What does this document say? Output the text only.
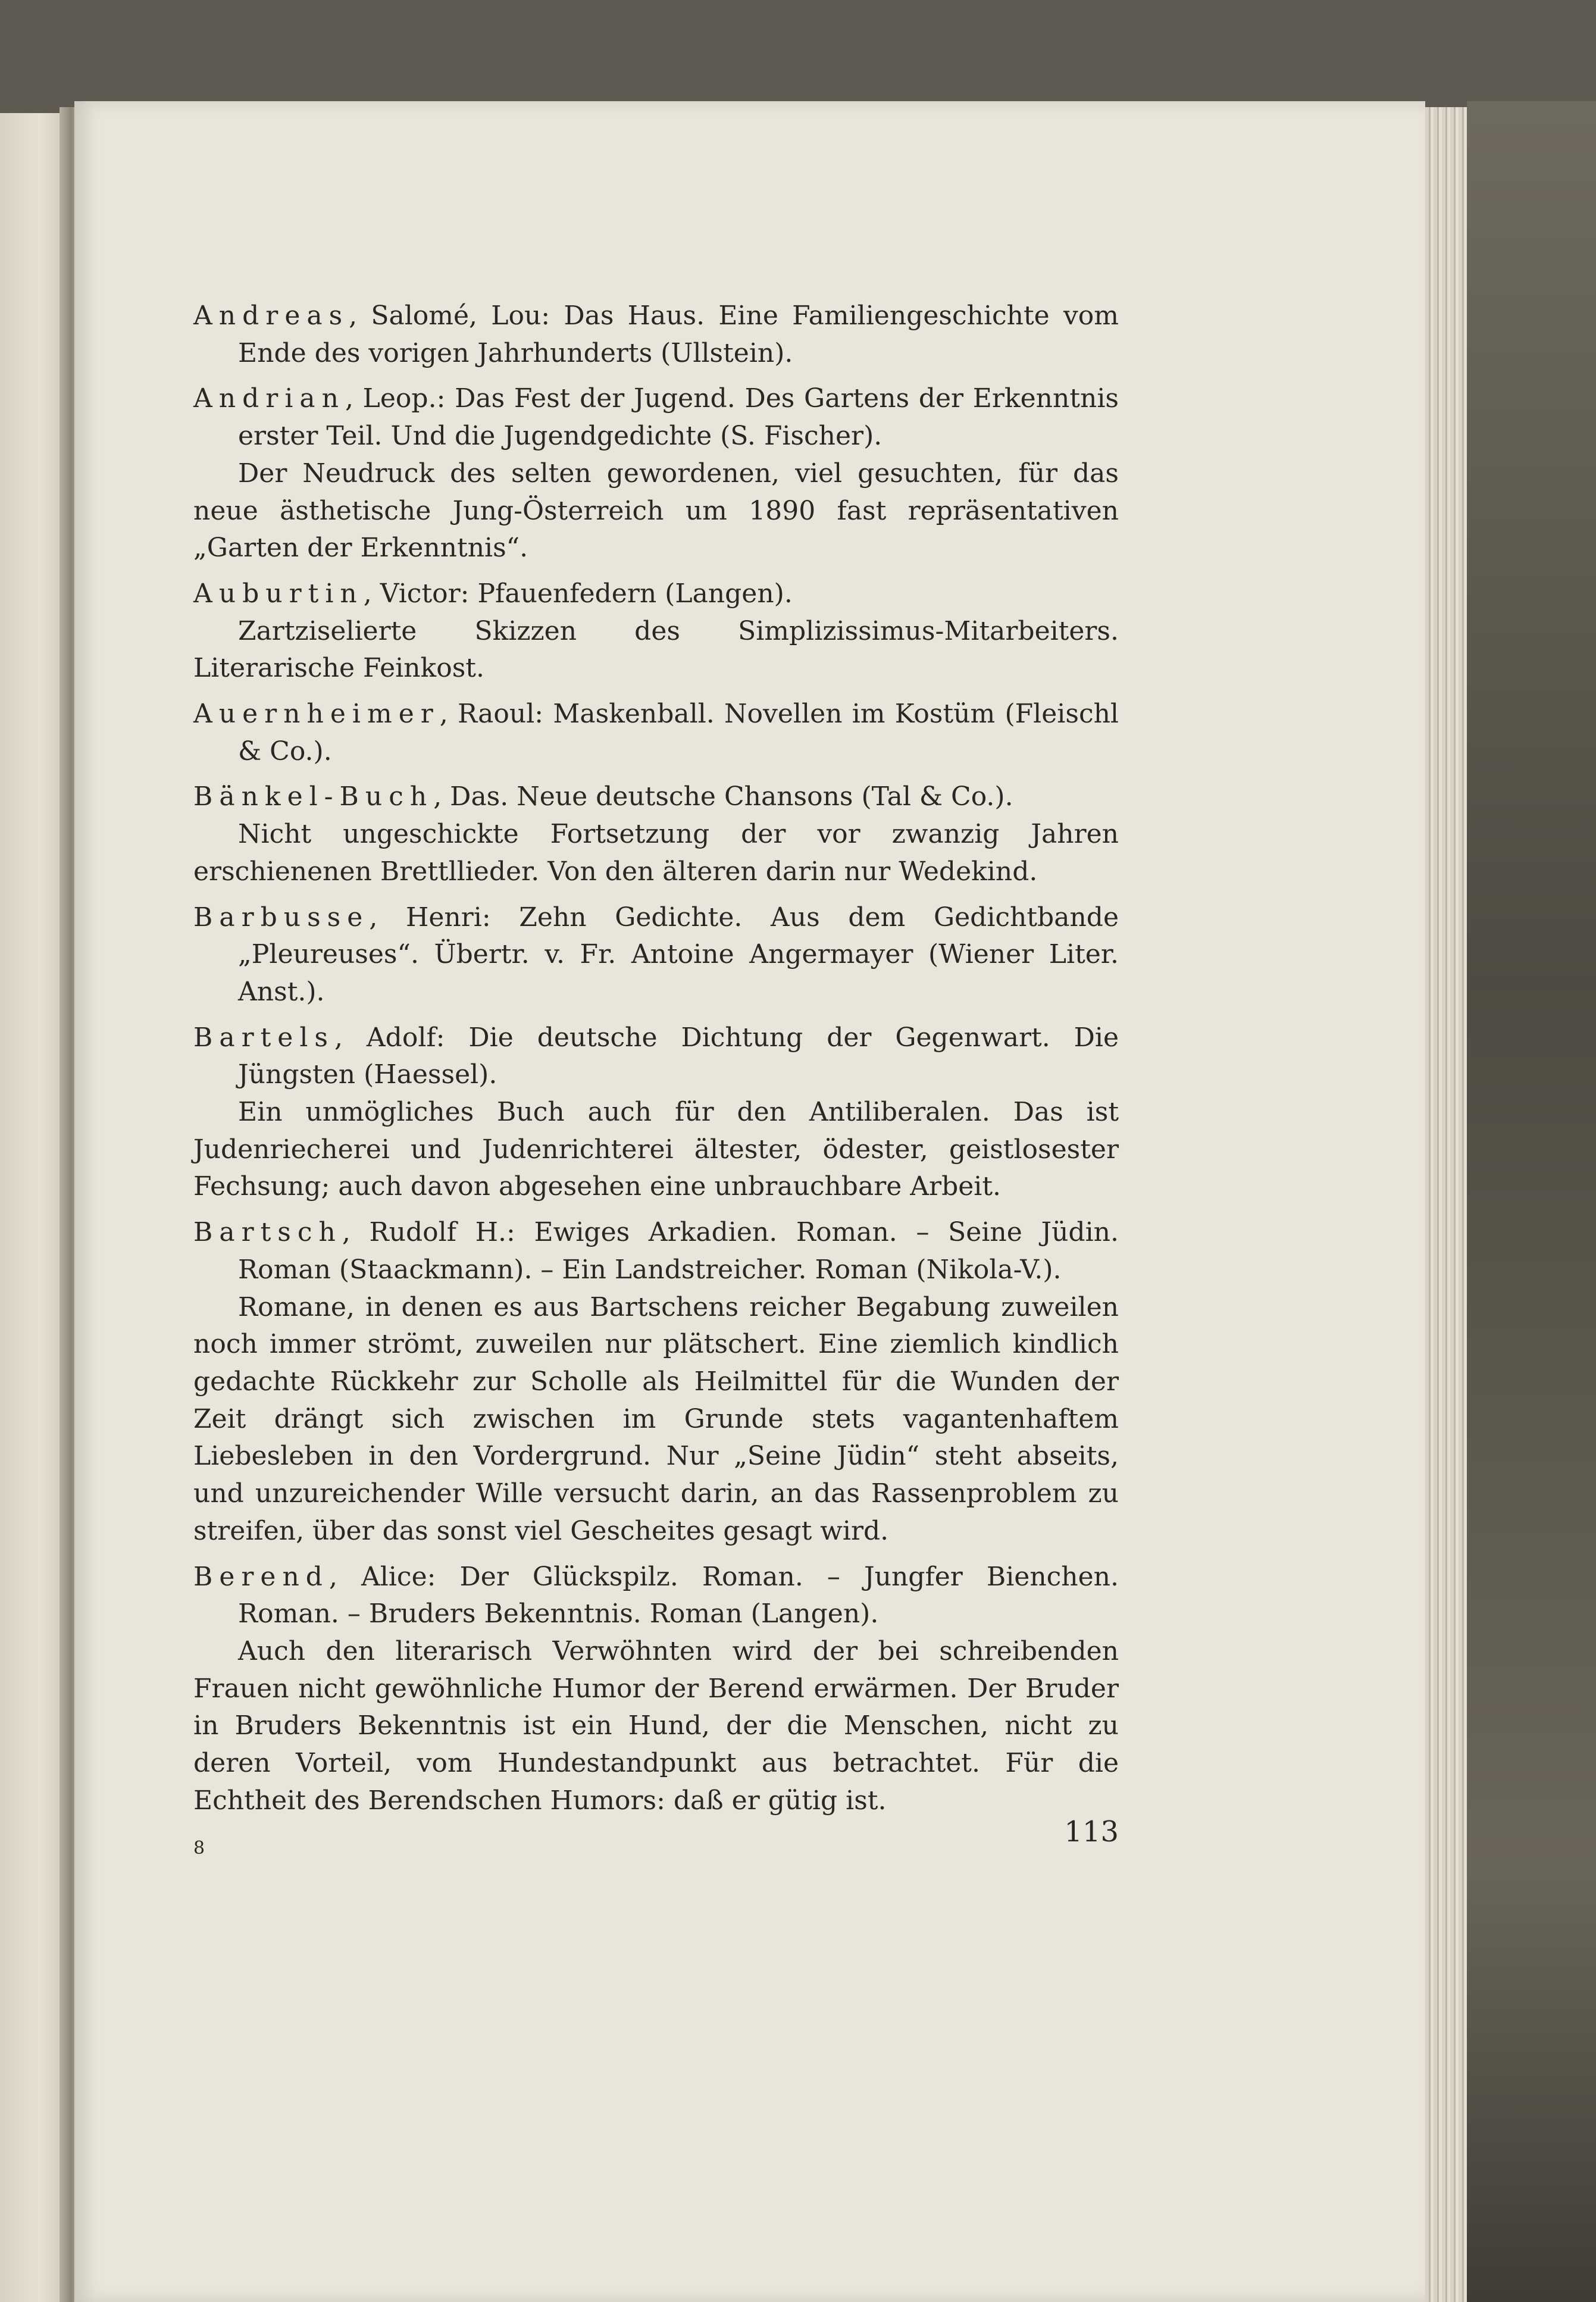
Andreas, Salomé, Lou: Das Haus. Eine Familiengeschichte vom Ende des vorigen Jahrhunderts (Ullstein).

Andrian, Leop.: Das Fest der Jugend. Des Gartens der Erkenntnis erster Teil. Und die Jugendgedichte (S. Fischer).

Der Neudruck des selten gewordenen, viel gesuchten, für das neue ästhetische Jung-Österreich um 1890 fast repräsentativen „Garten der Erkenntnis“.

Auburtin, Victor: Pfauenfedern (Langen).

Zartziselierte Skizzen des Simplizissimus-Mitarbeiters. Literarische Feinkost.

Auernheimer, Raoul: Maskenball. Novellen im Kostüm (Fleischl & Co.).

Bänkel-Buch, Das. Neue deutsche Chansons (Tal & Co.).

Nicht ungeschickte Fortsetzung der vor zwanzig Jahren erschienenen Brettllieder. Von den älteren darin nur Wedekind.

Barbusse, Henri: Zehn Gedichte. Aus dem Gedichtbande „Pleureuses“. Übertr. v. Fr. Antoine Angermayer (Wiener Liter. Anst.).

Bartels, Adolf: Die deutsche Dichtung der Gegenwart. Die Jüngsten (Haessel).

Ein unmögliches Buch auch für den Antiliberalen. Das ist Judenriecherei und Judenrichterei ältester, ödester, geistlosester Fechsung; auch davon abgesehen eine unbrauchbare Arbeit.

Bartsch, Rudolf H.: Ewiges Arkadien. Roman. – Seine Jüdin. Roman (Staackmann). – Ein Landstreicher. Roman (Nikola-V.).

Romane, in denen es aus Bartschens reicher Begabung zuweilen noch immer strömt, zuweilen nur plätschert. Eine ziemlich kindlich gedachte Rückkehr zur Scholle als Heilmittel für die Wunden der Zeit drängt sich zwischen im Grunde stets vagantenhaftem Liebesleben in den Vordergrund. Nur „Seine Jüdin“ steht abseits, und unzureichender Wille versucht darin, an das Rassenproblem zu streifen, über das sonst viel Gescheites gesagt wird.

Berend, Alice: Der Glückspilz. Roman. – Jungfer Bienchen. Roman. – Bruders Bekenntnis. Roman (Langen).

Auch den literarisch Verwöhnten wird der bei schreibenden Frauen nicht gewöhnliche Humor der Berend erwärmen. Der Bruder in Bruders Bekenntnis ist ein Hund, der die Menschen, nicht zu deren Vorteil, vom Hundestandpunkt aus betrachtet. Für die Echtheit des Berendschen Humors: daß er gütig ist.

8	113
